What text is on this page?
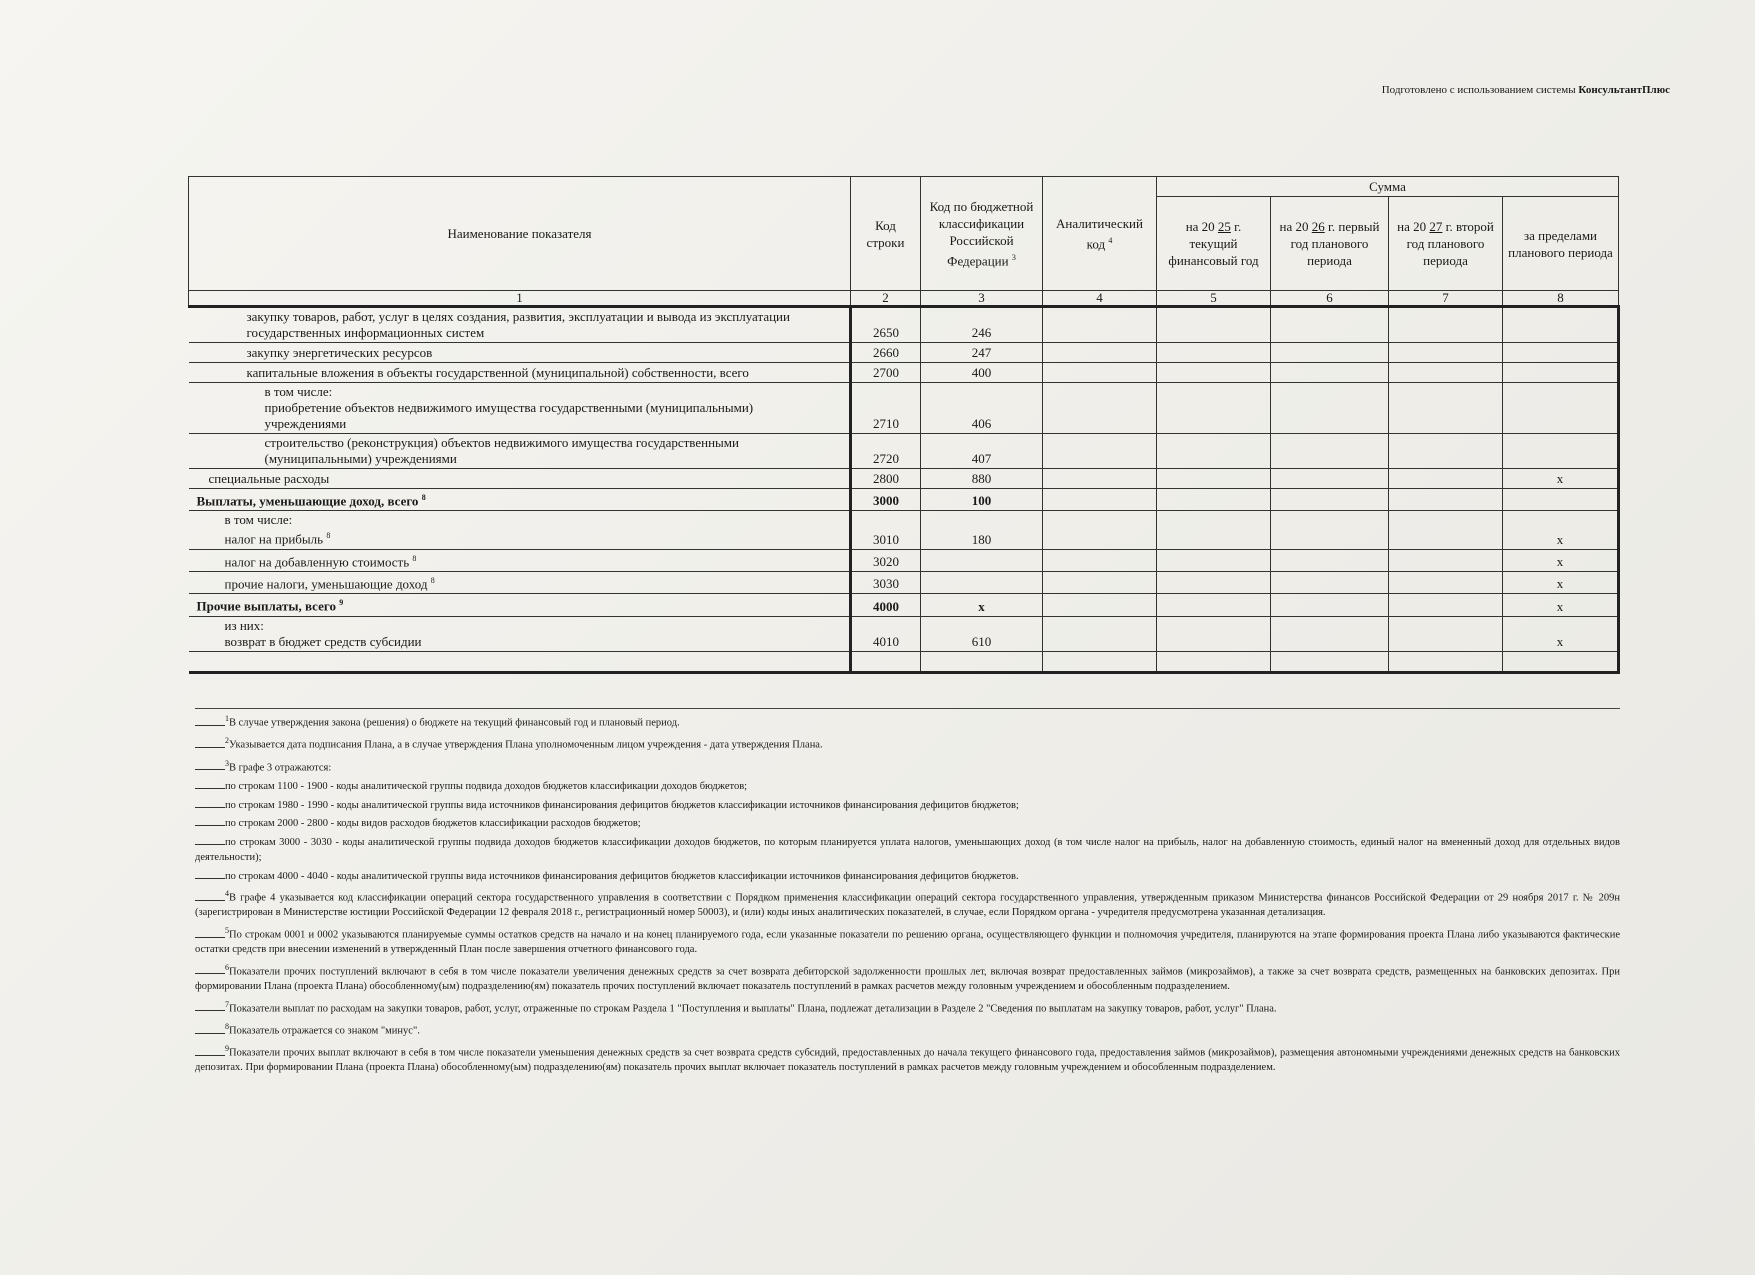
Подготовлено с использованием системы КонсультантПлюс
Наименование показателя	Код строки	Код по бюджетной классификации Российской Федерации $^3$	Аналитический код $^4$	Сумма			
				на 20 25 г. текущий финансовый год	на 20 26 г. первый год планового периода	на 20 27 г. второй год планового периода	за пределами планового периода
1	2	3	4	5	6	7	8
закупку товаров, работ, услуг в целях создания, развития, эксплуатации и вывода из эксплуатации государственных информационных систем	2650	246					
закупку энергетических ресурсов	2660	247					
капитальные вложения в объекты государственной (муниципальной) собственности, всего	2700	400					

в том числе:
приобретение объектов недвижимого имущества государственными (муниципальными) учреждениями	2710	406					
строительство (реконструкция) объектов недвижимого имущества государственными (муниципальными) учреждениями	2720	407					
специальные расходы	2800	880					х
Выплаты, уменьшающие доход, всего $^8$	3000	100					

в том числе:
налог на прибыль $^8$	3010	180					х
налог на добавленную стоимость $^8$	3020						х
прочие налоги, уменьшающие доход $^8$	3030						х
Прочие выплаты, всего $^9$	4000	х					х

из них:
возврат в бюджет средств субсидии	4010	610					х

$^1$В случае утверждения закона (решения) о бюджете на текущий финансовый год и плановый период.

$^2$Указывается дата подписания Плана, а в случае утверждения Плана уполномоченным лицом учреждения - дата утверждения Плана.

$^3$В графе 3 отражаются:

по строкам 1100 - 1900 - коды аналитической группы подвида доходов бюджетов классификации доходов бюджетов;

по строкам 1980 - 1990 - коды аналитической группы вида источников финансирования дефицитов бюджетов классификации источников финансирования дефицитов бюджетов;

по строкам 2000 - 2800 - коды видов расходов бюджетов классификации расходов бюджетов;

по строкам 3000 - 3030 - коды аналитической группы подвида доходов бюджетов классификации доходов бюджетов, по которым планируется уплата налогов, уменьшающих доход (в том числе налог на прибыль, налог на добавленную стоимость, единый налог на вмененный доход для отдельных видов деятельности);

по строкам 4000 - 4040 - коды аналитической группы вида источников финансирования дефицитов бюджетов классификации источников финансирования дефицитов бюджетов.

$^4$В графе 4 указывается код классификации операций сектора государственного управления в соответствии с Порядком применения классификации операций сектора государственного управления, утвержденным приказом Министерства финансов Российской Федерации от 29 ноября 2017 г. № 209н (зарегистрирован в Министерстве юстиции Российской Федерации 12 февраля 2018 г., регистрационный номер 50003), и (или) коды иных аналитических показателей, в случае, если Порядком органа - учредителя предусмотрена указанная детализация.

$^5$По строкам 0001 и 0002 указываются планируемые суммы остатков средств на начало и на конец планируемого года, если указанные показатели по решению органа, осуществляющего функции и полномочия учредителя, планируются на этапе формирования проекта Плана либо указываются фактические остатки средств при внесении изменений в утвержденный План после завершения отчетного финансового года.

$^6$Показатели прочих поступлений включают в себя в том числе показатели увеличения денежных средств за счет возврата дебиторской задолженности прошлых лет, включая возврат предоставленных займов (микрозаймов), а также за счет возврата средств, размещенных на банковских депозитах. При формировании Плана (проекта Плана) обособленному(ым) подразделению(ям) показатель прочих поступлений включает показатель поступлений в рамках расчетов между головным учреждением и обособленным подразделением.

$^7$Показатели выплат по расходам на закупки товаров, работ, услуг, отраженные по строкам Раздела 1 "Поступления и выплаты" Плана, подлежат детализации в Разделе 2 "Сведения по выплатам на закупку товаров, работ, услуг" Плана.

$^8$Показатель отражается со знаком "минус".

$^9$Показатели прочих выплат включают в себя в том числе показатели уменьшения денежных средств за счет возврата средств субсидий, предоставленных до начала текущего финансового года, предоставления займов (микрозаймов), размещения автономными учреждениями денежных средств на банковских депозитах. При формировании Плана (проекта Плана) обособленному(ым) подразделению(ям) показатель прочих выплат включает показатель поступлений в рамках расчетов между головным учреждением и обособленным подразделением.
